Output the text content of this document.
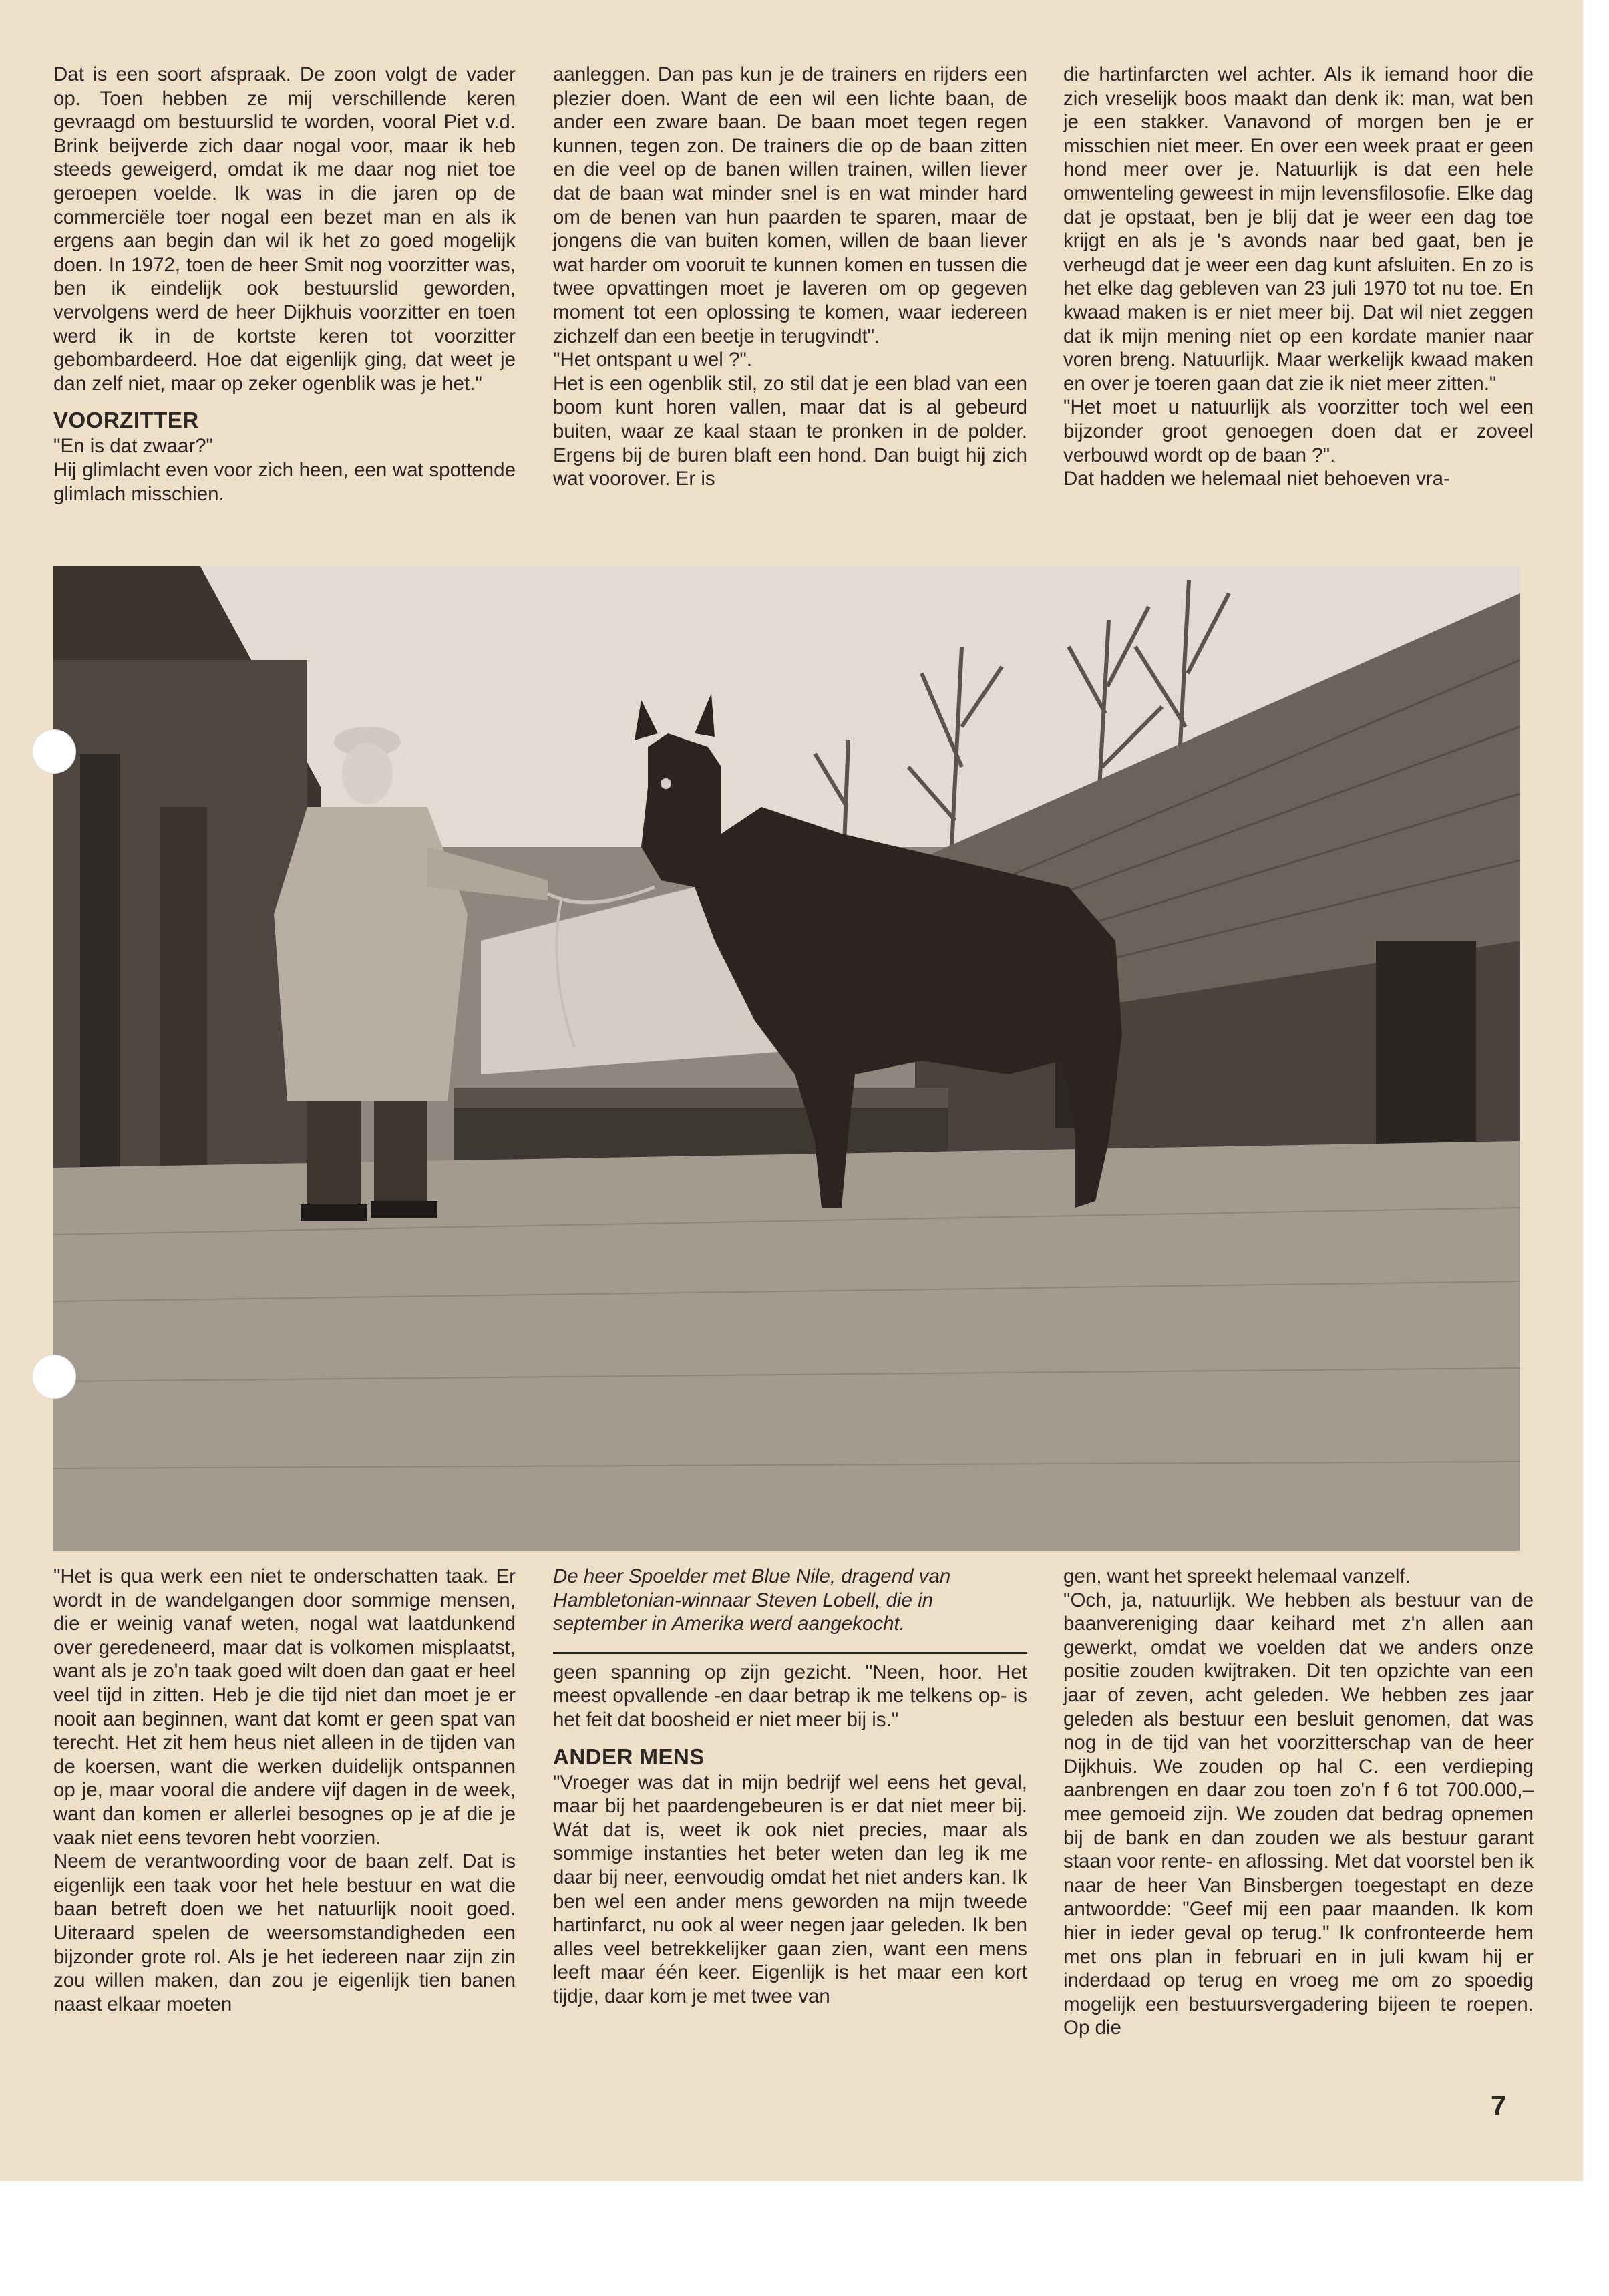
Dat is een soort afspraak. De zoon volgt de vader op. Toen hebben ze mij verschillende keren gevraagd om bestuurslid te worden, vooral Piet v.d. Brink beijverde zich daar nogal voor, maar ik heb steeds geweigerd, omdat ik me daar nog niet toe geroepen voelde. Ik was in die jaren op de commerciële toer nogal een bezet man en als ik ergens aan begin dan wil ik het zo goed mogelijk doen. In 1972, toen de heer Smit nog voorzitter was, ben ik eindelijk ook bestuurslid geworden, vervolgens werd de heer Dijkhuis voorzitter en toen werd ik in de kortste keren tot voorzitter gebombardeerd. Hoe dat eigenlijk ging, dat weet je dan zelf niet, maar op zeker ogenblik was je het."

VOORZITTER

"En is dat zwaar?"

Hij glimlacht even voor zich heen, een wat spottende glimlach misschien.

aanleggen. Dan pas kun je de trainers en rijders een plezier doen. Want de een wil een lichte baan, de ander een zware baan. De baan moet tegen regen kunnen, tegen zon. De trainers die op de baan zitten en die veel op de banen willen trainen, willen liever dat de baan wat minder snel is en wat minder hard om de benen van hun paarden te sparen, maar de jongens die van buiten komen, willen de baan liever wat harder om vooruit te kunnen komen en tussen die twee opvattingen moet je laveren om op gegeven moment tot een oplossing te komen, waar iedereen zichzelf dan een beetje in terugvindt".

"Het ontspant u wel ?".

Het is een ogenblik stil, zo stil dat je een blad van een boom kunt horen vallen, maar dat is al gebeurd buiten, waar ze kaal staan te pronken in de polder. Ergens bij de buren blaft een hond. Dan buigt hij zich wat voorover. Er is

die hartinfarcten wel achter. Als ik iemand hoor die zich vreselijk boos maakt dan denk ik: man, wat ben je een stakker. Vanavond of morgen ben je er misschien niet meer. En over een week praat er geen hond meer over je. Natuurlijk is dat een hele omwenteling geweest in mijn levensfilosofie. Elke dag dat je opstaat, ben je blij dat je weer een dag toe krijgt en als je 's avonds naar bed gaat, ben je verheugd dat je weer een dag kunt afsluiten. En zo is het elke dag gebleven van 23 juli 1970 tot nu toe. En kwaad maken is er niet meer bij. Dat wil niet zeggen dat ik mijn mening niet op een kordate manier naar voren breng. Natuurlijk. Maar werkelijk kwaad maken en over je toeren gaan dat zie ik niet meer zitten."

"Het moet u natuurlijk als voorzitter toch wel een bijzonder groot genoegen doen dat er zoveel verbouwd wordt op de baan ?".

Dat hadden we helemaal niet behoeven vra-

"Het is qua werk een niet te onderschatten taak. Er wordt in de wandelgangen door sommige mensen, die er weinig vanaf weten, nogal wat laatdunkend over geredeneerd, maar dat is volkomen misplaatst, want als je zo'n taak goed wilt doen dan gaat er heel veel tijd in zitten. Heb je die tijd niet dan moet je er nooit aan beginnen, want dat komt er geen spat van terecht. Het zit hem heus niet alleen in de tijden van de koersen, want die werken duidelijk ontspannen op je, maar vooral die andere vijf dagen in de week, want dan komen er allerlei besognes op je af die je vaak niet eens tevoren hebt voorzien.

Neem de verantwoording voor de baan zelf. Dat is eigenlijk een taak voor het hele bestuur en wat die baan betreft doen we het natuurlijk nooit goed. Uiteraard spelen de weersomstandigheden een bijzonder grote rol. Als je het iedereen naar zijn zin zou willen maken, dan zou je eigenlijk tien banen naast elkaar moeten

De heer Spoelder met Blue Nile, dragend van Hambletonian-winnaar Steven Lobell, die in september in Amerika werd aangekocht.

geen spanning op zijn gezicht. "Neen, hoor. Het meest opvallende -en daar betrap ik me telkens op- is het feit dat boosheid er niet meer bij is."

ANDER MENS

"Vroeger was dat in mijn bedrijf wel eens het geval, maar bij het paardengebeuren is er dat niet meer bij. Wát dat is, weet ik ook niet precies, maar als sommige instanties het beter weten dan leg ik me daar bij neer, eenvoudig omdat het niet anders kan. Ik ben wel een ander mens geworden na mijn tweede hartinfarct, nu ook al weer negen jaar geleden. Ik ben alles veel betrekkelijker gaan zien, want een mens leeft maar één keer. Eigenlijk is het maar een kort tijdje, daar kom je met twee van

gen, want het spreekt helemaal vanzelf.

"Och, ja, natuurlijk. We hebben als bestuur van de baanvereniging daar keihard met z'n allen aan gewerkt, omdat we voelden dat we anders onze positie zouden kwijtraken. Dit ten opzichte van een jaar of zeven, acht geleden. We hebben zes jaar geleden als bestuur een besluit genomen, dat was nog in de tijd van het voorzitterschap van de heer Dijkhuis. We zouden op hal C. een verdieping aanbrengen en daar zou toen zo'n f 6 tot 700.000,– mee gemoeid zijn. We zouden dat bedrag opnemen bij de bank en dan zouden we als bestuur garant staan voor rente- en aflossing. Met dat voorstel ben ik naar de heer Van Binsbergen toegestapt en deze antwoordde: "Geef mij een paar maanden. Ik kom hier in ieder geval op terug." Ik confronteerde hem met ons plan in februari en in juli kwam hij er inderdaad op terug en vroeg me om zo spoedig mogelijk een bestuursvergadering bijeen te roepen. Op die

7
